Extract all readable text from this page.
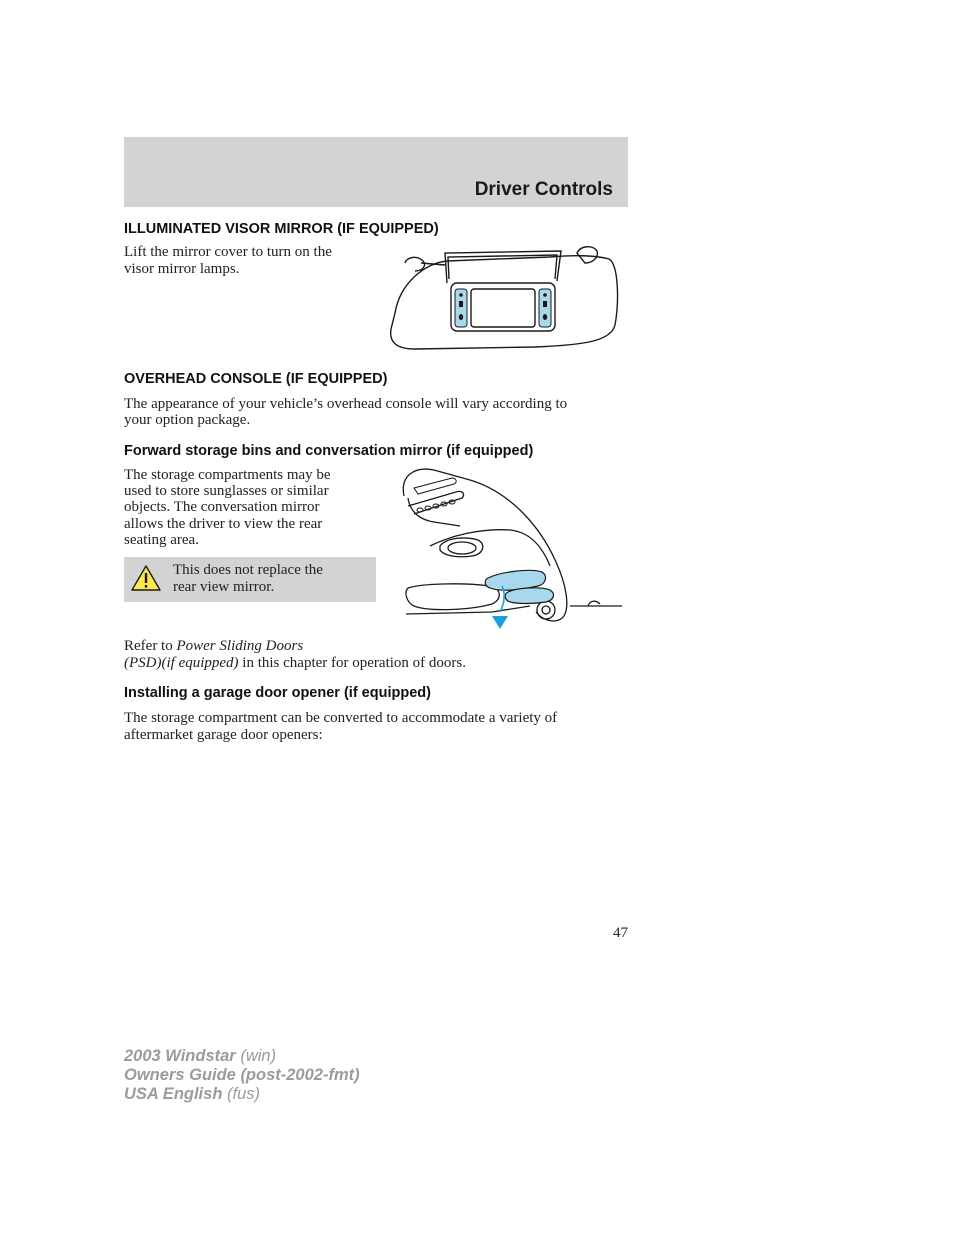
Driver Controls
ILLUMINATED VISOR MIRROR (IF EQUIPPED)

Lift the mirror cover to turn on the

visor mirror lamps.

OVERHEAD CONSOLE (IF EQUIPPED)

The appearance of your vehicle’s overhead console will vary according to

your option package.

Forward storage bins and conversation mirror (if equipped)

The storage compartments may be

used to store sunglasses or similar

objects. The conversation mirror

allows the driver to view the rear

seating area.

This does not replace the
rear view mirror.

Refer to Power Sliding Doors

(PSD)(if equipped) in this chapter for operation of doors.

Installing a garage door opener (if equipped)

The storage compartment can be converted to accommodate a variety of

aftermarket garage door openers:

47
2003 Windstar (win)
Owners Guide (post-2002-fmt)
USA English (fus)
